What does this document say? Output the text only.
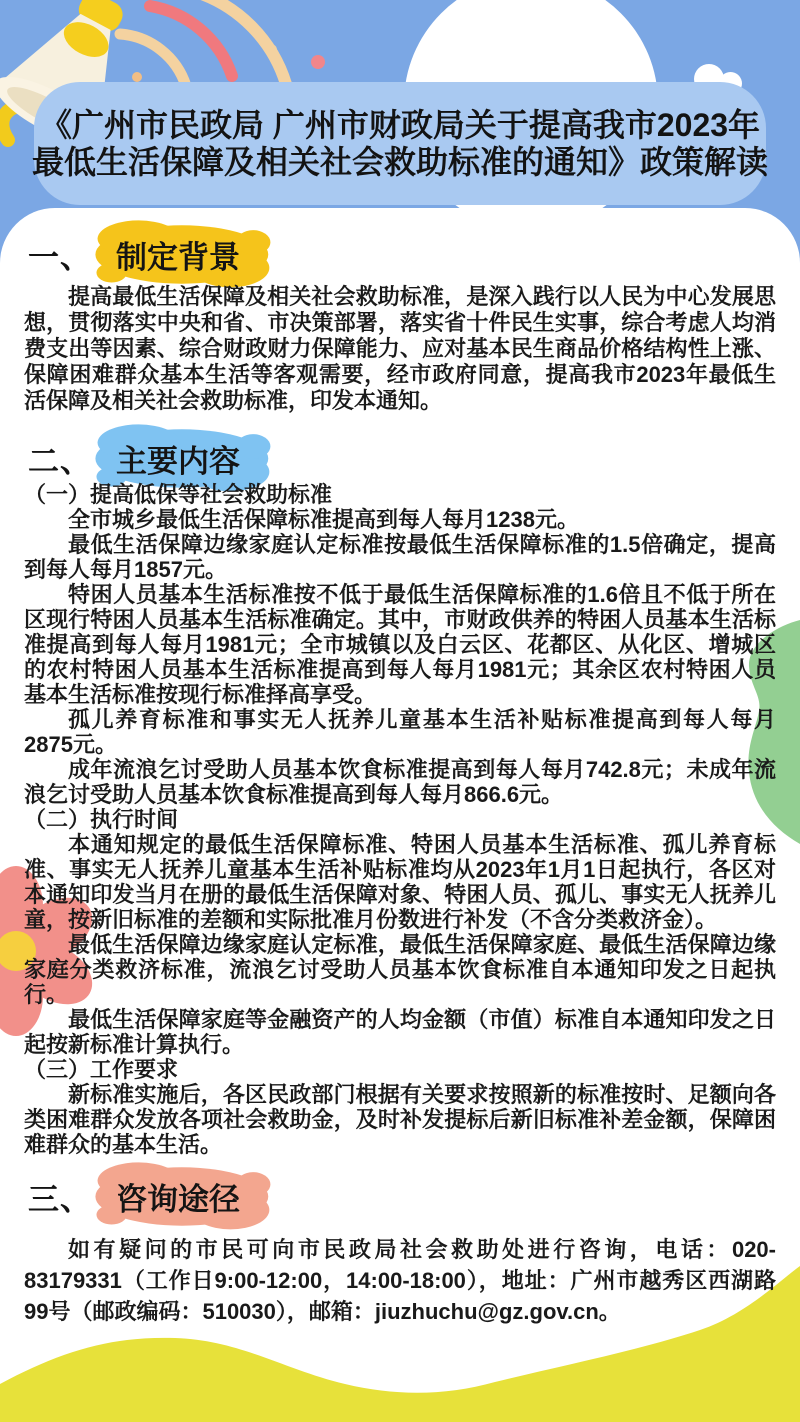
《广州市民政局 广州市财政局关于提高我市2023年
最低生活保障及相关社会救助标准的通知》政策解读
一、 制定背景

提高最低生活保障及相关社会救助标准，是深入践行以人民为中心发展思想，贯彻落实中央和省、市决策部署，落实省十件民生实事，综合考虑人均消费支出等因素、综合财政财力保障能力、应对基本民生商品价格结构性上涨、保障困难群众基本生活等客观需要，经市政府同意，提高我市2023年最低生活保障及相关社会救助标准，印发本通知。

二、 主要内容

（一）提高低保等社会救助标准

全市城乡最低生活保障标准提高到每人每月1238元。

最低生活保障边缘家庭认定标准按最低生活保障标准的1.5倍确定，提高到每人每月1857元。

特困人员基本生活标准按不低于最低生活保障标准的1.6倍且不低于所在区现行特困人员基本生活标准确定。其中，市财政供养的特困人员基本生活标准提高到每人每月1981元；全市城镇以及白云区、花都区、从化区、增城区的农村特困人员基本生活标准提高到每人每月1981元；其余区农村特困人员基本生活标准按现行标准择高享受。

孤儿养育标准和事实无人抚养儿童基本生活补贴标准提高到每人每月2875元。

成年流浪乞讨受助人员基本饮食标准提高到每人每月742.8元；未成年流浪乞讨受助人员基本饮食标准提高到每人每月866.6元。

（二）执行时间

本通知规定的最低生活保障标准、特困人员基本生活标准、孤儿养育标准、事实无人抚养儿童基本生活补贴标准均从2023年1月1日起执行，各区对本通知印发当月在册的最低生活保障对象、特困人员、孤儿、事实无人抚养儿童，按新旧标准的差额和实际批准月份数进行补发（不含分类救济金）。

最低生活保障边缘家庭认定标准，最低生活保障家庭、最低生活保障边缘家庭分类救济标准，流浪乞讨受助人员基本饮食标准自本通知印发之日起执行。

最低生活保障家庭等金融资产的人均金额（市值）标准自本通知印发之日起按新标准计算执行。

（三）工作要求

新标准实施后，各区民政部门根据有关要求按照新的标准按时、足额向各类困难群众发放各项社会救助金，及时补发提标后新旧标准补差金额，保障困难群众的基本生活。

三、 咨询途径

如有疑问的市民可向市民政局社会救助处进行咨询，电话：020-83179331（工作日9:00-12:00，14:00-18:00），地址：广州市越秀区西湖路99号（邮政编码：510030），邮箱：jiuzhuchu@gz.gov.cn。
